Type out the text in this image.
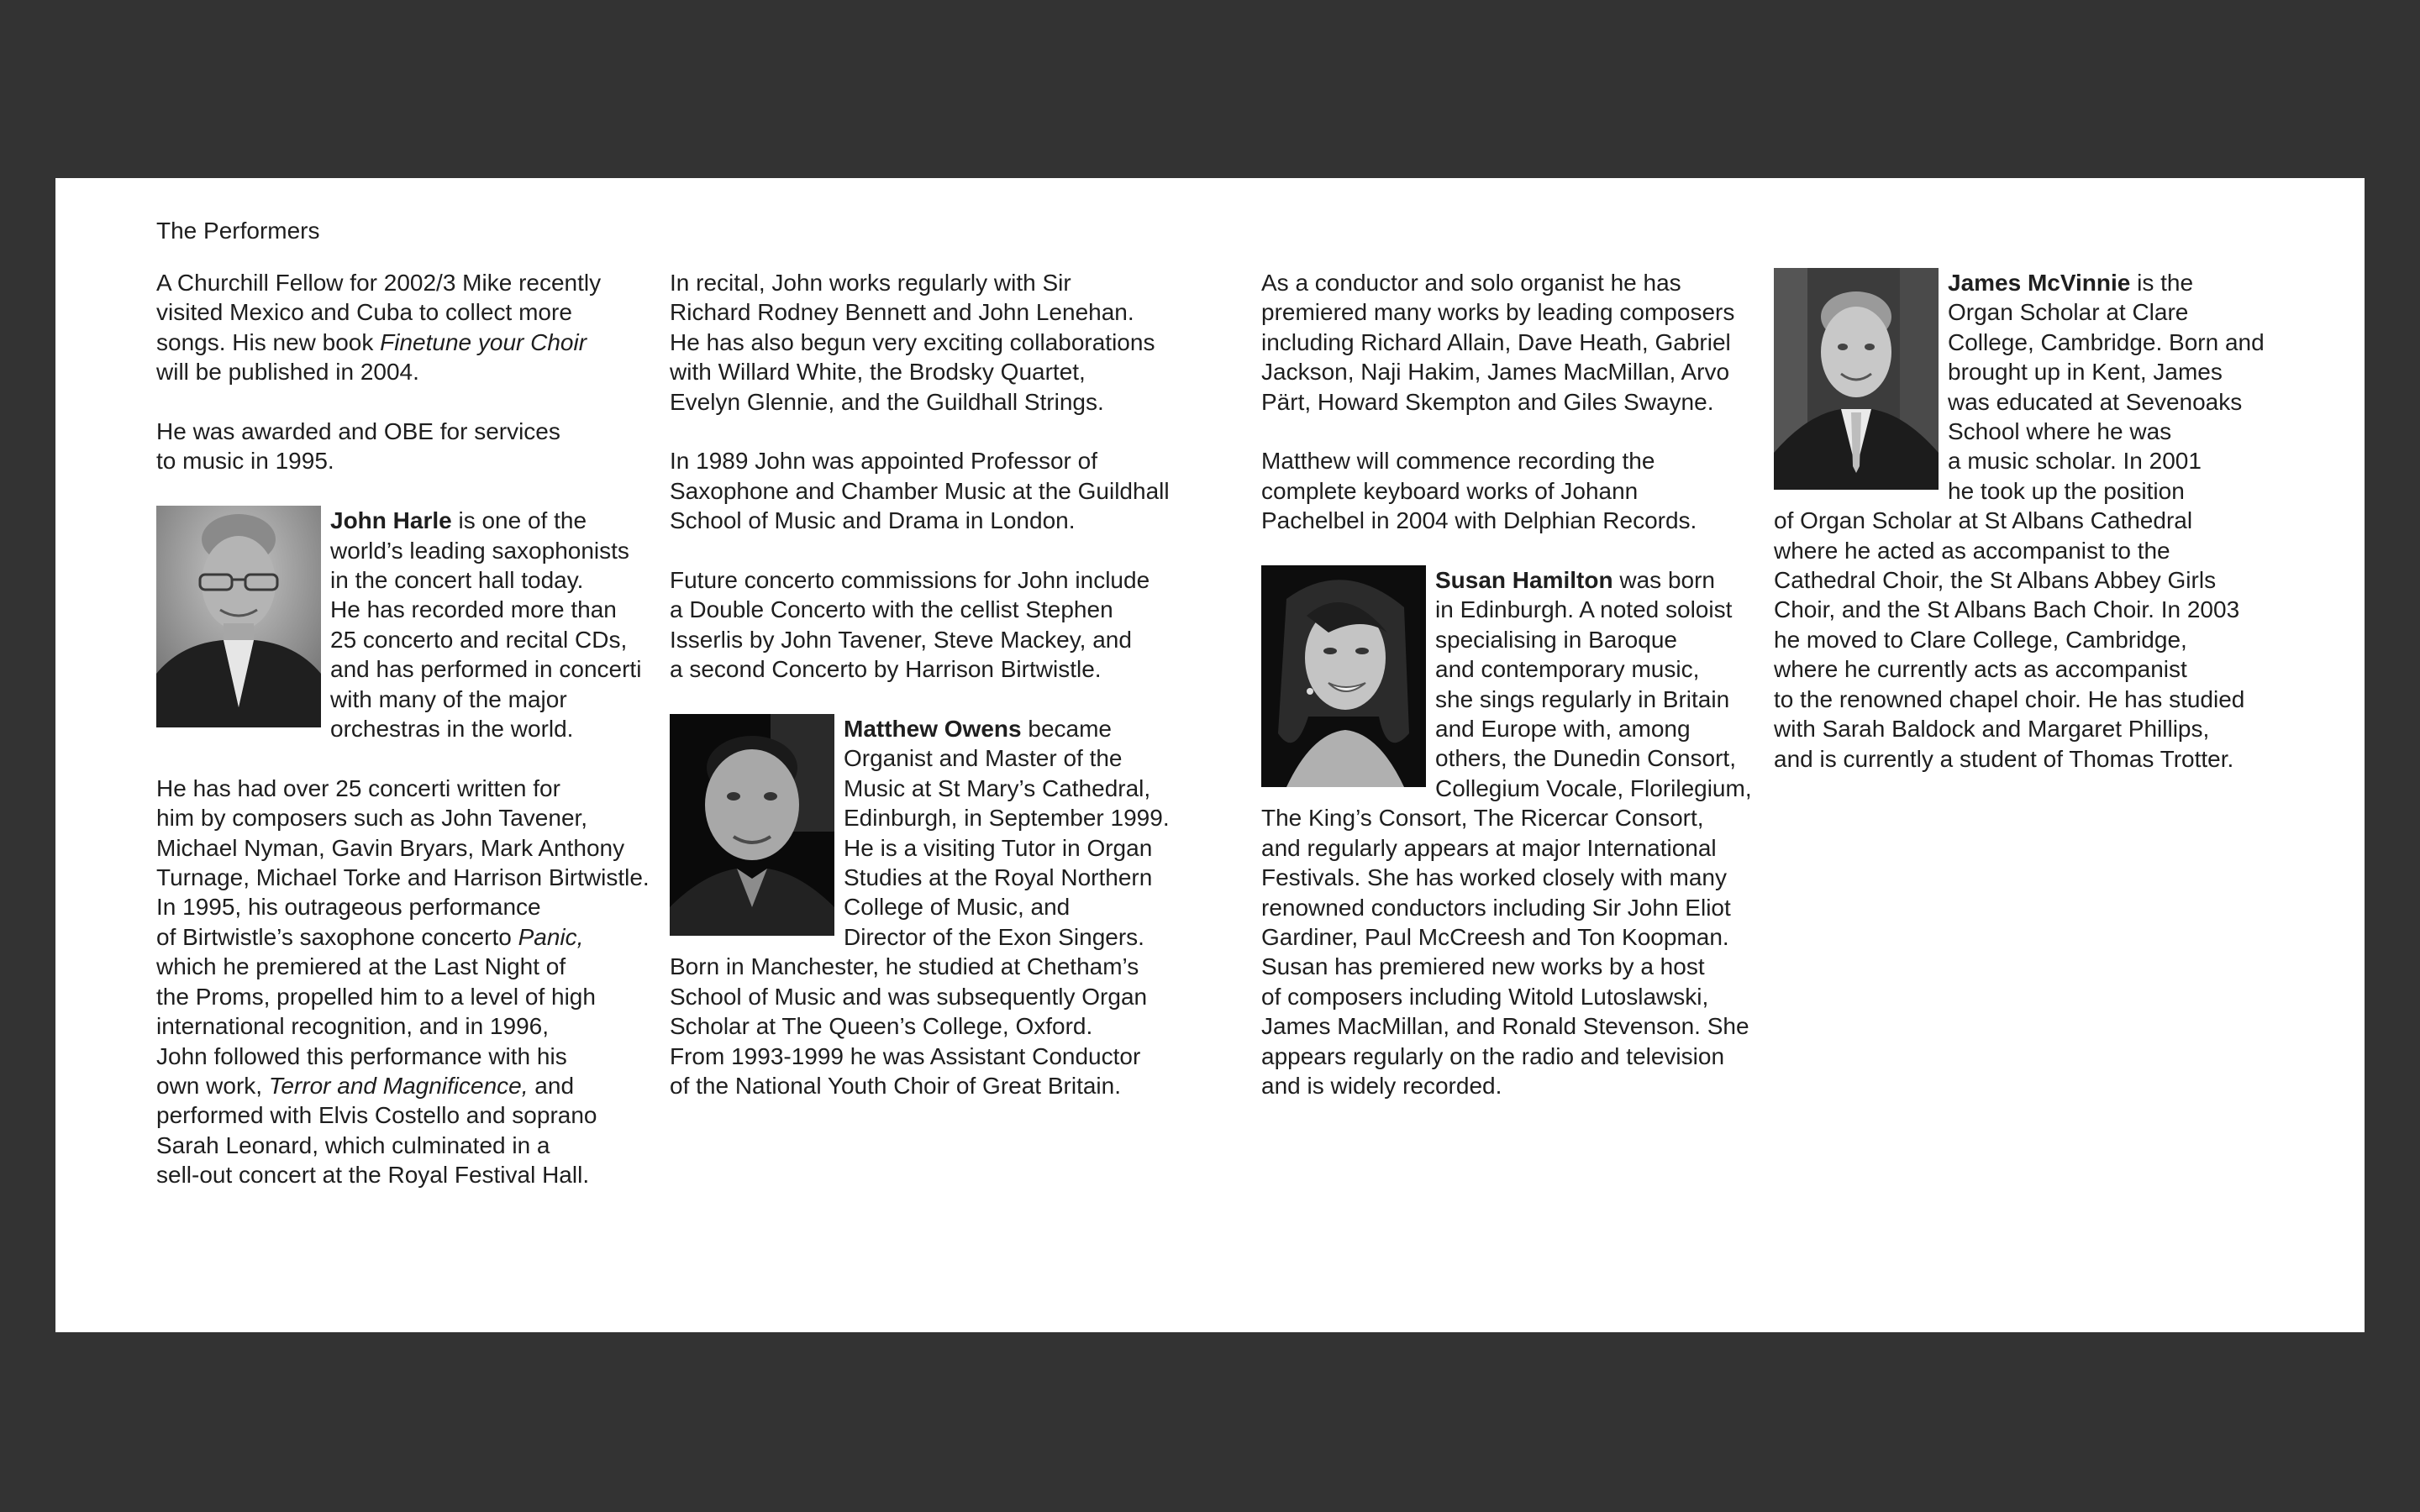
The Performers

A Churchill Fellow for 2002/3 Mike recently

visited Mexico and Cuba to collect more

songs. His new book Finetune your Choir

will be published in 2004.

He was awarded and OBE for services

to music in 1995.

John Harle is one of the

world’s leading saxophonists

in the concert hall today.

He has recorded more than

25 concerto and recital CDs,

and has performed in concerti

with many of the major

orchestras in the world.

He has had over 25 concerti written for

him by composers such as John Tavener,

Michael Nyman, Gavin Bryars, Mark Anthony

Turnage, Michael Torke and Harrison Birtwistle.

In 1995, his outrageous performance

of Birtwistle’s saxophone concerto Panic,

which he premiered at the Last Night of

the Proms, propelled him to a level of high

international recognition, and in 1996,

John followed this performance with his

own work, Terror and Magnificence, and

performed with Elvis Costello and soprano

Sarah Leonard, which culminated in a

sell-out concert at the Royal Festival Hall.

In recital, John works regularly with Sir

Richard Rodney Bennett and John Lenehan.

He has also begun very exciting collaborations

with Willard White, the Brodsky Quartet,

Evelyn Glennie, and the Guildhall Strings.

In 1989 John was appointed Professor of

Saxophone and Chamber Music at the Guildhall

School of Music and Drama in London.

Future concerto commissions for John include

a Double Concerto with the cellist Stephen

Isserlis by John Tavener, Steve Mackey, and

a second Concerto by Harrison Birtwistle.

Matthew Owens became

Organist and Master of the

Music at St Mary’s Cathedral,

Edinburgh, in September 1999.

He is a visiting Tutor in Organ

Studies at the Royal Northern

College of Music, and

Director of the Exon Singers.

Born in Manchester, he studied at Chetham’s

School of Music and was subsequently Organ

Scholar at The Queen’s College, Oxford.

From 1993-1999 he was Assistant Conductor

of the National Youth Choir of Great Britain.

As a conductor and solo organist he has

premiered many works by leading composers

including Richard Allain, Dave Heath, Gabriel

Jackson, Naji Hakim, James MacMillan, Arvo

Pärt, Howard Skempton and Giles Swayne.

Matthew will commence recording the

complete keyboard works of Johann

Pachelbel in 2004 with Delphian Records.

Susan Hamilton was born

in Edinburgh. A noted soloist

specialising in Baroque

and contemporary music,

she sings regularly in Britain

and Europe with, among

others, the Dunedin Consort,

Collegium Vocale, Florilegium,

The King’s Consort, The Ricercar Consort,

and regularly appears at major International

Festivals. She has worked closely with many

renowned conductors including Sir John Eliot

Gardiner, Paul McCreesh and Ton Koopman.

Susan has premiered new works by a host

of composers including Witold Lutoslawski,

James MacMillan, and Ronald Stevenson. She

appears regularly on the radio and television

and is widely recorded.

James McVinnie is the

Organ Scholar at Clare

College, Cambridge. Born and

brought up in Kent, James

was educated at Sevenoaks

School where he was

a music scholar. In 2001

he took up the position

of Organ Scholar at St Albans Cathedral

where he acted as accompanist to the

Cathedral Choir, the St Albans Abbey Girls

Choir, and the St Albans Bach Choir. In 2003

he moved to Clare College, Cambridge,

where he currently acts as accompanist

to the renowned chapel choir. He has studied

with Sarah Baldock and Margaret Phillips,

and is currently a student of Thomas Trotter.
